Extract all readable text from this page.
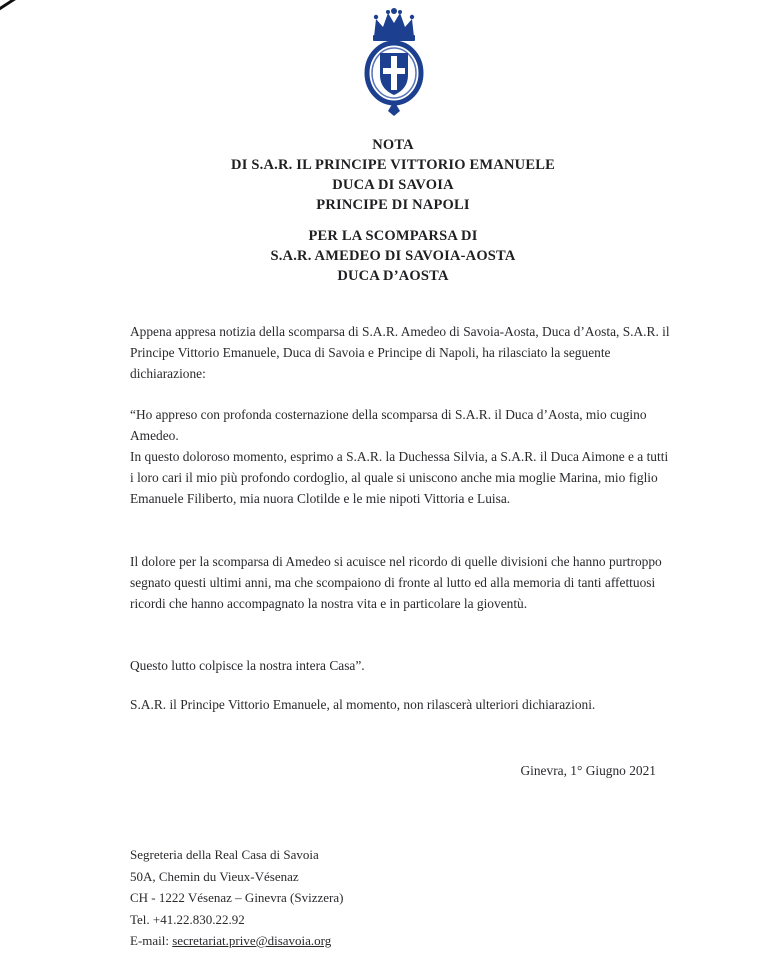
NOTA
DI S.A.R. IL PRINCIPE VITTORIO EMANUELE
DUCA DI SAVOIA
PRINCIPE DI NAPOLI
PER LA SCOMPARSA DI
S.A.R. AMEDEO DI SAVOIA-AOSTA
DUCA D’AOSTA

Appena appresa notizia della scomparsa di S.A.R. Amedeo di Savoia-Aosta, Duca d’Aosta, S.A.R. il Principe Vittorio Emanuele, Duca di Savoia e Principe di Napoli, ha rilasciato la seguente dichiarazione:

“Ho appreso con profonda costernazione della scomparsa di S.A.R. il Duca d’Aosta, mio cugino Amedeo.

In questo doloroso momento, esprimo a S.A.R. la Duchessa Silvia, a S.A.R. il Duca Aimone e a tutti i loro cari il mio più profondo cordoglio, al quale si uniscono anche mia moglie Marina, mio figlio Emanuele Filiberto, mia nuora Clotilde e le mie nipoti Vittoria e Luisa.

Il dolore per la scomparsa di Amedeo si acuisce nel ricordo di quelle divisioni che hanno purtroppo segnato questi ultimi anni, ma che scompaiono di fronte al lutto ed alla memoria di tanti affettuosi ricordi che hanno accompagnato la nostra vita e in particolare la gioventù.

Questo lutto colpisce la nostra intera Casa”.

S.A.R. il Principe Vittorio Emanuele, al momento, non rilascerà ulteriori dichiarazioni.

Ginevra, 1° Giugno 2021
Segreteria della Real Casa di Savoia
50A, Chemin du Vieux-Vésenaz
CH - 1222 Vésenaz – Ginevra (Svizzera)
Tel. +41.22.830.22.92
E-mail: secretariat.prive@disavoia.org
